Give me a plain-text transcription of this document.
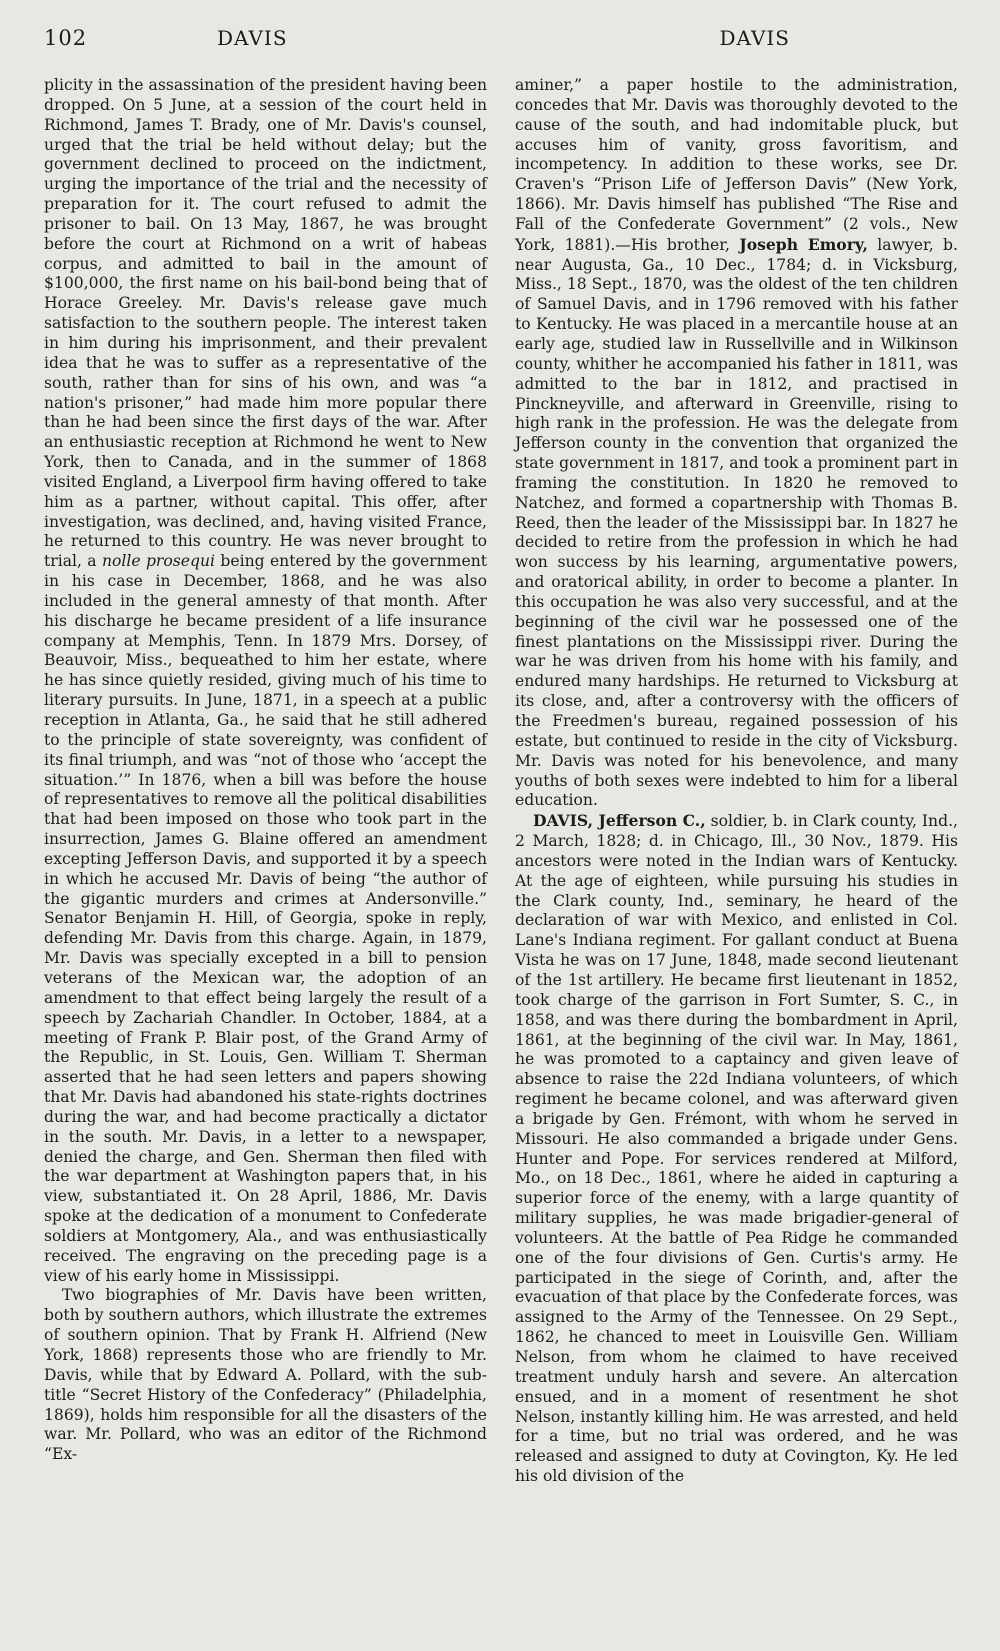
102	DAVIS	DAVIS

plicity in the assassination of the president having been dropped. On 5 June, at a session of the court held in Richmond, James T. Brady, one of Mr. Davis's counsel, urged that the trial be held without delay; but the government declined to proceed on the indictment, urging the importance of the trial and the necessity of preparation for it. The court refused to admit the prisoner to bail. On 13 May, 1867, he was brought before the court at Richmond on a writ of habeas corpus, and admitted to bail in the amount of $100,000, the first name on his bail-bond being that of Horace Greeley. Mr. Davis's release gave much satisfaction to the southern people. The interest taken in him during his imprisonment, and their prevalent idea that he was to suffer as a representative of the south, rather than for sins of his own, and was “a nation's prisoner,” had made him more popular there than he had been since the first days of the war. After an enthusiastic reception at Richmond he went to New York, then to Canada, and in the summer of 1868 visited England, a Liverpool firm having offered to take him as a partner, without capital. This offer, after investigation, was declined, and, having visited France, he returned to this country. He was never brought to trial, a nolle prosequi being entered by the government in his case in December, 1868, and he was also included in the general amnesty of that month. After his discharge he became president of a life insurance company at Memphis, Tenn. In 1879 Mrs. Dorsey, of Beauvoir, Miss., bequeathed to him her estate, where he has since quietly resided, giving much of his time to literary pursuits. In June, 1871, in a speech at a public reception in Atlanta, Ga., he said that he still adhered to the principle of state sovereignty, was confident of its final triumph, and was “not of those who ‘accept the situation.’” In 1876, when a bill was before the house of representatives to remove all the political disabilities that had been imposed on those who took part in the insurrection, James G. Blaine offered an amendment excepting Jefferson Davis, and supported it by a speech in which he accused Mr. Davis of being “the author of the gigantic murders and crimes at Andersonville.” Senator Benjamin H. Hill, of Georgia, spoke in reply, defending Mr. Davis from this charge. Again, in 1879, Mr. Davis was specially excepted in a bill to pension veterans of the Mexican war, the adoption of an amendment to that effect being largely the result of a speech by Zachariah Chandler. In October, 1884, at a meeting of Frank P. Blair post, of the Grand Army of the Republic, in St. Louis, Gen. William T. Sherman asserted that he had seen letters and papers showing that Mr. Davis had abandoned his state-rights doctrines during the war, and had become practically a dictator in the south. Mr. Davis, in a letter to a newspaper, denied the charge, and Gen. Sherman then filed with the war department at Washington papers that, in his view, substantiated it. On 28 April, 1886, Mr. Davis spoke at the dedication of a monument to Confederate soldiers at Montgomery, Ala., and was enthusiastically received. The engraving on the preceding page is a view of his early home in Mississippi.

Two biographies of Mr. Davis have been written, both by southern authors, which illustrate the extremes of southern opinion. That by Frank H. Alfriend (New York, 1868) represents those who are friendly to Mr. Davis, while that by Edward A. Pollard, with the sub-title “Secret History of the Confederacy” (Philadelphia, 1869), holds him responsible for all the disasters of the war. Mr. Pollard, who was an editor of the Richmond “Ex-

aminer,” a paper hostile to the administration, concedes that Mr. Davis was thoroughly devoted to the cause of the south, and had indomitable pluck, but accuses him of vanity, gross favoritism, and incompetency. In addition to these works, see Dr. Craven's “Prison Life of Jefferson Davis” (New York, 1866). Mr. Davis himself has published “The Rise and Fall of the Confederate Government” (2 vols., New York, 1881).—His brother, Joseph Emory, lawyer, b. near Augusta, Ga., 10 Dec., 1784; d. in Vicksburg, Miss., 18 Sept., 1870, was the oldest of the ten children of Samuel Davis, and in 1796 removed with his father to Kentucky. He was placed in a mercantile house at an early age, studied law in Russellville and in Wilkinson county, whither he accompanied his father in 1811, was admitted to the bar in 1812, and practised in Pinckneyville, and afterward in Greenville, rising to high rank in the profession. He was the delegate from Jefferson county in the convention that organized the state government in 1817, and took a prominent part in framing the constitution. In 1820 he removed to Natchez, and formed a copartnership with Thomas B. Reed, then the leader of the Mississippi bar. In 1827 he decided to retire from the profession in which he had won success by his learning, argumentative powers, and oratorical ability, in order to become a planter. In this occupation he was also very successful, and at the beginning of the civil war he possessed one of the finest plantations on the Mississippi river. During the war he was driven from his home with his family, and endured many hardships. He returned to Vicksburg at its close, and, after a controversy with the officers of the Freedmen's bureau, regained possession of his estate, but continued to reside in the city of Vicksburg. Mr. Davis was noted for his benevolence, and many youths of both sexes were indebted to him for a liberal education.

DAVIS, Jefferson C., soldier, b. in Clark county, Ind., 2 March, 1828; d. in Chicago, Ill., 30 Nov., 1879. His ancestors were noted in the Indian wars of Kentucky. At the age of eighteen, while pursuing his studies in the Clark county, Ind., seminary, he heard of the declaration of war with Mexico, and enlisted in Col. Lane's Indiana regiment. For gallant conduct at Buena Vista he was on 17 June, 1848, made second lieutenant of the 1st artillery. He became first lieutenant in 1852, took charge of the garrison in Fort Sumter, S. C., in 1858, and was there during the bombardment in April, 1861, at the beginning of the civil war. In May, 1861, he was promoted to a captaincy and given leave of absence to raise the 22d Indiana volunteers, of which regiment he became colonel, and was afterward given a brigade by Gen. Frémont, with whom he served in Missouri. He also commanded a brigade under Gens. Hunter and Pope. For services rendered at Milford, Mo., on 18 Dec., 1861, where he aided in capturing a superior force of the enemy, with a large quantity of military supplies, he was made brigadier-general of volunteers. At the battle of Pea Ridge he commanded one of the four divisions of Gen. Curtis's army. He participated in the siege of Corinth, and, after the evacuation of that place by the Confederate forces, was assigned to the Army of the Tennessee. On 29 Sept., 1862, he chanced to meet in Louisville Gen. William Nelson, from whom he claimed to have received treatment unduly harsh and severe. An altercation ensued, and in a moment of resentment he shot Nelson, instantly killing him. He was arrested, and held for a time, but no trial was ordered, and he was released and assigned to duty at Covington, Ky. He led his old division of the
